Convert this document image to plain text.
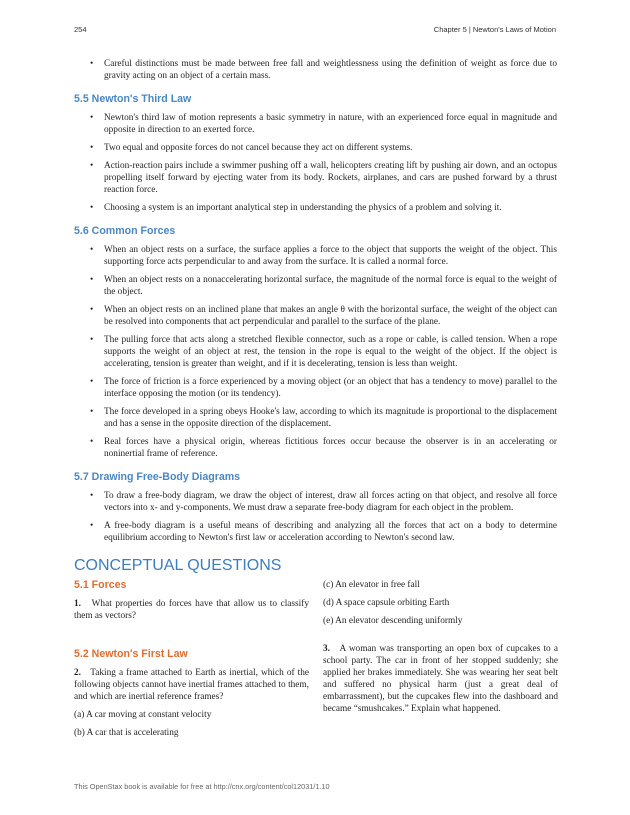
254	Chapter 5 | Newton's Laws of Motion
• Careful distinctions must be made between free fall and weightlessness using the definition of weight as force due to gravity acting on an object of a certain mass.
5.5 Newton's Third Law
• Newton's third law of motion represents a basic symmetry in nature, with an experienced force equal in magnitude and opposite in direction to an exerted force.
• Two equal and opposite forces do not cancel because they act on different systems.
• Action-reaction pairs include a swimmer pushing off a wall, helicopters creating lift by pushing air down, and an octopus propelling itself forward by ejecting water from its body. Rockets, airplanes, and cars are pushed forward by a thrust reaction force.
• Choosing a system is an important analytical step in understanding the physics of a problem and solving it.
5.6 Common Forces
• When an object rests on a surface, the surface applies a force to the object that supports the weight of the object. This supporting force acts perpendicular to and away from the surface. It is called a normal force.
• When an object rests on a nonaccelerating horizontal surface, the magnitude of the normal force is equal to the weight of the object.
• When an object rests on an inclined plane that makes an angle θ with the horizontal surface, the weight of the object can be resolved into components that act perpendicular and parallel to the surface of the plane.
• The pulling force that acts along a stretched flexible connector, such as a rope or cable, is called tension. When a rope supports the weight of an object at rest, the tension in the rope is equal to the weight of the object. If the object is accelerating, tension is greater than weight, and if it is decelerating, tension is less than weight.
• The force of friction is a force experienced by a moving object (or an object that has a tendency to move) parallel to the interface opposing the motion (or its tendency).
• The force developed in a spring obeys Hooke's law, according to which its magnitude is proportional to the displacement and has a sense in the opposite direction of the displacement.
• Real forces have a physical origin, whereas fictitious forces occur because the observer is in an accelerating or noninertial frame of reference.
5.7 Drawing Free-Body Diagrams
• To draw a free-body diagram, we draw the object of interest, draw all forces acting on that object, and resolve all force vectors into x- and y-components. We must draw a separate free-body diagram for each object in the problem.
• A free-body diagram is a useful means of describing and analyzing all the forces that act on a body to determine equilibrium according to Newton's first law or acceleration according to Newton's second law.
CONCEPTUAL QUESTIONS
5.1 Forces

1. What properties do forces have that allow us to classify them as vectors?

5.2 Newton's First Law

2. Taking a frame attached to Earth as inertial, which of the following objects cannot have inertial frames attached to them, and which are inertial reference frames?

(a) A car moving at constant velocity

(b) A car that is accelerating

(c) An elevator in free fall

(d) A space capsule orbiting Earth

(e) An elevator descending uniformly

3. A woman was transporting an open box of cupcakes to a school party. The car in front of her stopped suddenly; she applied her brakes immediately. She was wearing her seat belt and suffered no physical harm (just a great deal of embarrassment), but the cupcakes flew into the dashboard and became “smushcakes.” Explain what happened.

This OpenStax book is available for free at http://cnx.org/content/col12031/1.10
